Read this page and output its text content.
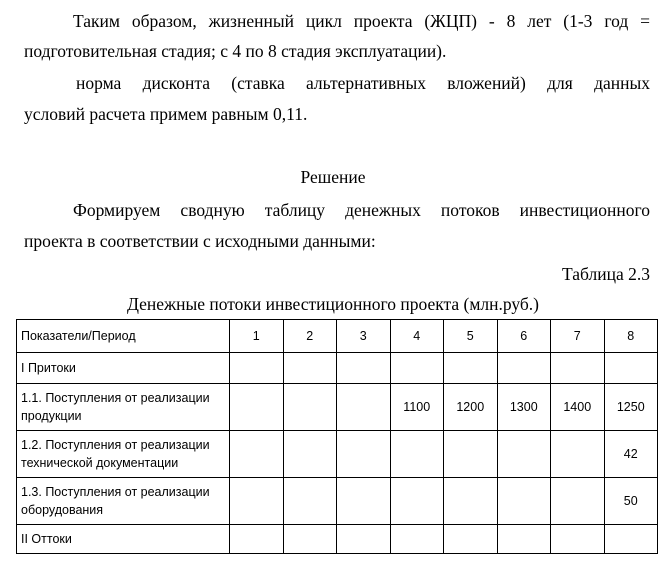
Таким образом, жизненный цикл проекта (ЖЦП) - 8 лет (1-3 год =

подготовительная стадия; с 4 по 8 стадия эксплуатации).

норма дисконта (ставка альтернативных вложений) для данных

условий расчета примем равным 0,11.

Решение

Формируем сводную таблицу денежных потоков инвестиционного

проекта в соответствии с исходными данными:

Таблица 2.3

Денежные потоки инвестиционного проекта (млн.руб.)

Показатели/Период	1	2	3	4	5	6	7	8
I Притоки								
1.1. Поступления от реализации продукции				1100	1200	1300	1400	1250
1.2. Поступления от реализации технической документации								42
1.3. Поступления от реализации оборудования								50
II Оттоки								
